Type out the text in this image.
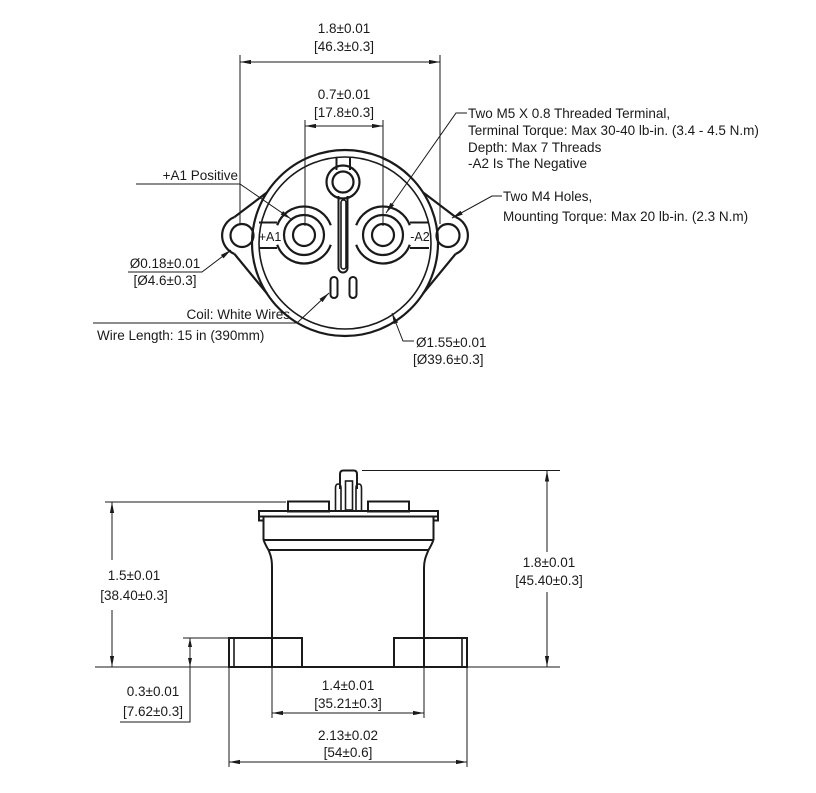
1.8±0.01
[46.3±0.3]
0.7±0.01
[17.8±0.3]
+A1 Positive
+A1	-A2
Two M5 X 0.8 Threaded Terminal,
Terminal Torque: Max 30-40 lb-in. (3.4 - 4.5 N.m)
Depth: Max 7 Threads
-A2 Is The Negative
Two M4 Holes,
Mounting Torque: Max 20 lb-in. (2.3 N.m)
Ø0.18±0.01
[Ø4.6±0.3]
Coil: White Wires
Wire Length: 15 in (390mm)	Ø1.55±0.01
[Ø39.6±0.3]
1.5±0.01
[38.40±0.3]
1.8±0.01
[45.40±0.3]
0.3±0.01
[7.62±0.3]
1.4±0.01
[35.21±0.3]
2.13±0.02
[54±0.6]
